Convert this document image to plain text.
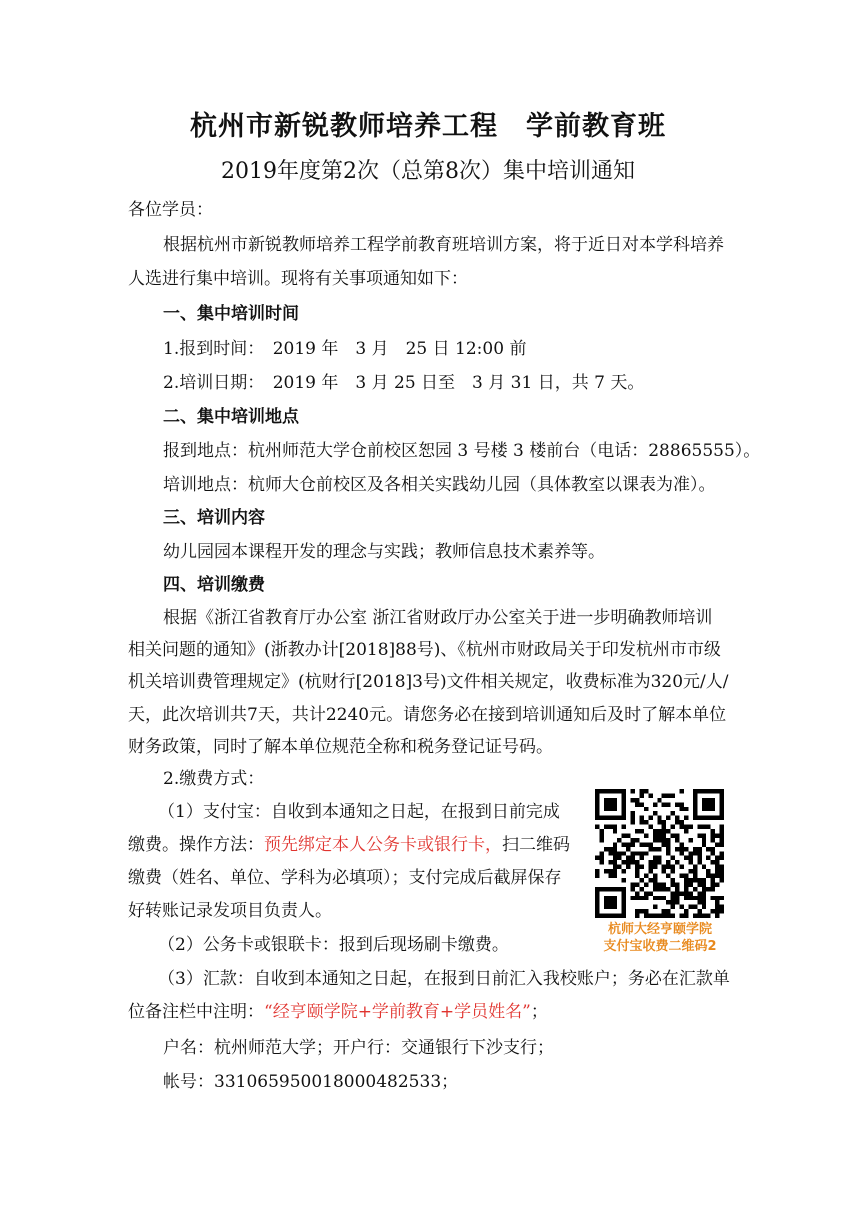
杭州市新锐教师培养工程　学前教育班
2019年度第2次（总第8次）集中培训通知
各位学员：
根据杭州市新锐教师培养工程学前教育班培训方案，将于近日对本学科培养
人选进行集中培训。现将有关事项通知如下：
一、集中培训时间
1.报到时间：　2019 年　3 月　25 日 12:00 前
2.培训日期：　2019 年　3 月 25 日至　3 月 31 日，共 7 天。
二、集中培训地点
报到地点：杭州师范大学仓前校区恕园 3 号楼 3 楼前台（电话：28865555）。
培训地点：杭师大仓前校区及各相关实践幼儿园（具体教室以课表为准）。
三、培训内容
幼儿园园本课程开发的理念与实践；教师信息技术素养等。
四、培训缴费
根据《浙江省教育厅办公室 浙江省财政厅办公室关于进一步明确教师培训
相关问题的通知》(浙教办计[2018]88号)、《杭州市财政局关于印发杭州市市级
机关培训费管理规定》(杭财行[2018]3号)文件相关规定，收费标准为320元/人/
天，此次培训共7天，共计2240元。请您务必在接到培训通知后及时了解本单位
财务政策，同时了解本单位规范全称和税务登记证号码。
2.缴费方式：
（1）支付宝：自收到本通知之日起，在报到日前完成
缴费。操作方法：预先绑定本人公务卡或银行卡，扫二维码
缴费（姓名、单位、学科为必填项）；支付完成后截屏保存
好转账记录发项目负责人。
（2）公务卡或银联卡：报到后现场刷卡缴费。
（3）汇款：自收到本通知之日起，在报到日前汇入我校账户；务必在汇款单
位备注栏中注明：“经亨颐学院+学前教育+学员姓名”；
户名：杭州师范大学；开户行：交通银行下沙支行；
帐号：331065950018000482533；
杭师大经亨颐学院
支付宝收费二维码2
